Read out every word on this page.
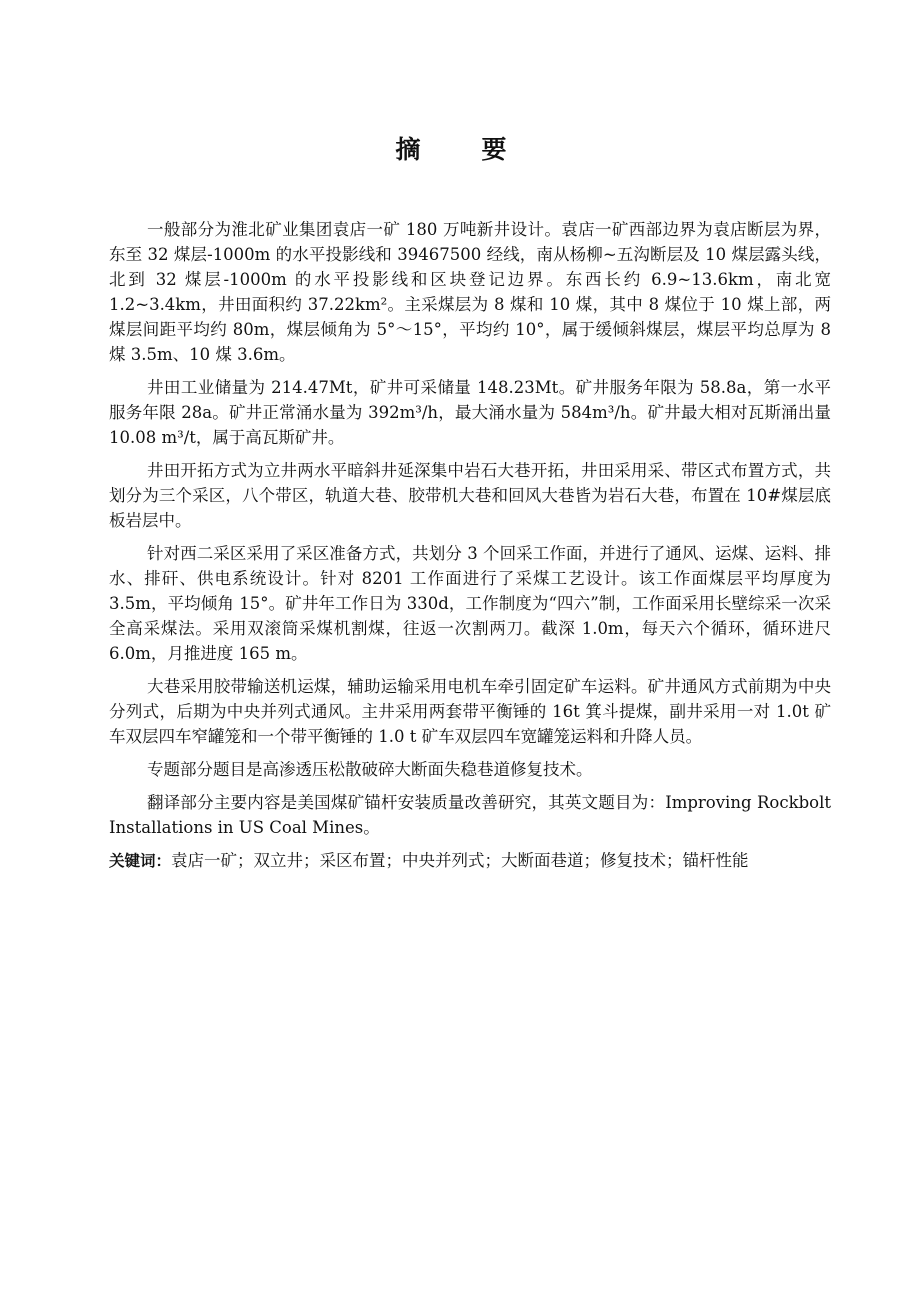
摘　要

一般部分为淮北矿业集团袁店一矿 180 万吨新井设计。袁店一矿西部边界为袁店断层为界，东至 32 煤层-1000m 的水平投影线和 39467500 经线，南从杨柳~五沟断层及 10 煤层露头线，北到 32 煤层-1000m 的水平投影线和区块登记边界。东西长约 6.9~13.6km，南北宽 1.2~3.4km，井田面积约 37.22km²。主采煤层为 8 煤和 10 煤，其中 8 煤位于 10 煤上部，两煤层间距平均约 80m，煤层倾角为 5°～15°，平均约 10°，属于缓倾斜煤层，煤层平均总厚为 8 煤 3.5m、10 煤 3.6m。

井田工业储量为 214.47Mt，矿井可采储量 148.23Mt。矿井服务年限为 58.8a，第一水平服务年限 28a。矿井正常涌水量为 392m³/h，最大涌水量为 584m³/h。矿井最大相对瓦斯涌出量 10.08 m³/t，属于高瓦斯矿井。

井田开拓方式为立井两水平暗斜井延深集中岩石大巷开拓，井田采用采、带区式布置方式，共划分为三个采区，八个带区，轨道大巷、胶带机大巷和回风大巷皆为岩石大巷，布置在 10#煤层底板岩层中。

针对西二采区采用了采区准备方式，共划分 3 个回采工作面，并进行了通风、运煤、运料、排水、排矸、供电系统设计。针对 8201 工作面进行了采煤工艺设计。该工作面煤层平均厚度为 3.5m，平均倾角 15°。矿井年工作日为 330d，工作制度为“四六”制，工作面采用长壁综采一次采全高采煤法。采用双滚筒采煤机割煤，往返一次割两刀。截深 1.0m，每天六个循环，循环进尺 6.0m，月推进度 165 m。

大巷采用胶带输送机运煤，辅助运输采用电机车牵引固定矿车运料。矿井通风方式前期为中央分列式，后期为中央并列式通风。主井采用两套带平衡锤的 16t 箕斗提煤，副井采用一对 1.0t 矿车双层四车窄罐笼和一个带平衡锤的 1.0 t 矿车双层四车宽罐笼运料和升降人员。

专题部分题目是高渗透压松散破碎大断面失稳巷道修复技术。

翻译部分主要内容是美国煤矿锚杆安装质量改善研究，其英文题目为：Improving Rockbolt Installations in US Coal Mines。

关键词：袁店一矿；双立井；采区布置；中央并列式；大断面巷道；修复技术；锚杆性能
